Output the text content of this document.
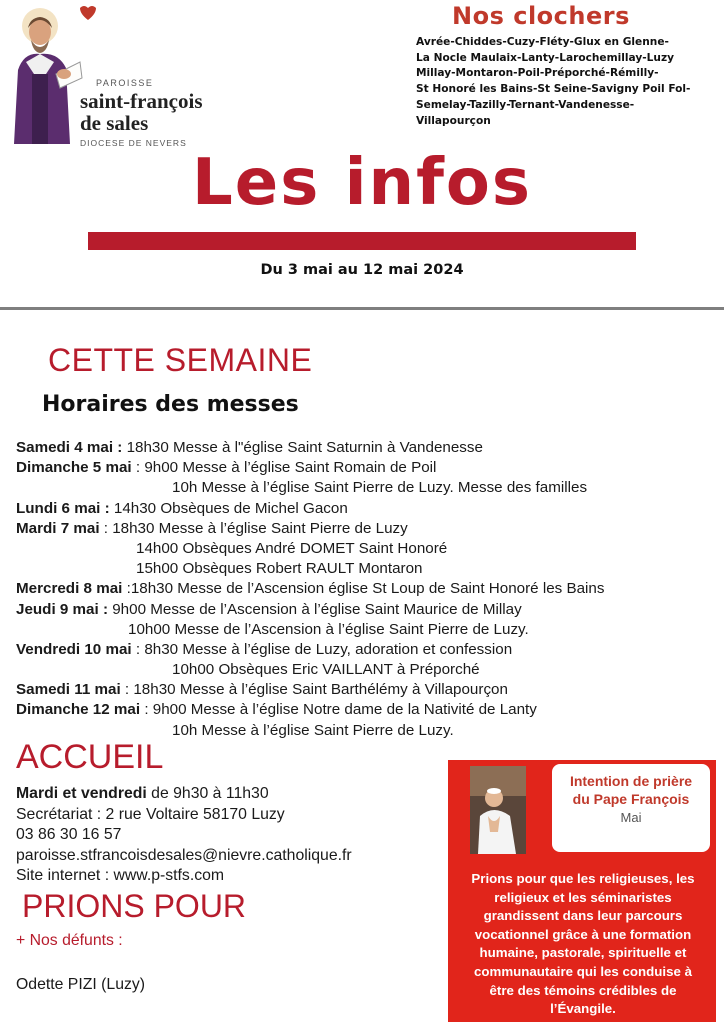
PAROISSE
saint-françois
de sales
DIOCESE DE NEVERS
Nos clochers
Avrée-Chiddes-Cuzy-Fléty-Glux en Glenne-
La Nocle Maulaix-Lanty-Larochemillay-Luzy
Millay-Montaron-Poil-Préporché-Rémilly-
St Honoré les Bains-St Seine-Savigny Poil Fol-
Semelay-Tazilly-Ternant-Vandenesse-
Villapourçon
Les infos
Du 3 mai au 12 mai 2024
CETTE SEMAINE
Horaires des messes
Samedi 4 mai : 18h30 Messe à l"église Saint Saturnin à Vandenesse
Dimanche 5 mai : 9h00 Messe à l’église Saint Romain de Poil
10h Messe à l’église Saint Pierre de Luzy. Messe des familles
Lundi 6 mai : 14h30 Obsèques de Michel Gacon
Mardi 7 mai : 18h30 Messe à l’église Saint Pierre de Luzy
14h00 Obsèques André DOMET Saint Honoré
15h00 Obsèques Robert RAULT Montaron
Mercredi 8 mai :18h30 Messe de l’Ascension église St Loup de Saint Honoré les Bains
Jeudi 9 mai : 9h00 Messe de l’Ascension à l’église Saint Maurice de Millay
10h00 Messe de l’Ascension à l’église Saint Pierre de Luzy.
Vendredi 10 mai : 8h30 Messe à l’église de Luzy, adoration et confession
10h00 Obsèques Eric VAILLANT à Préporché
Samedi 11 mai : 18h30 Messe à l’église Saint Barthélémy à Villapourçon
Dimanche 12 mai : 9h00 Messe à l’église Notre dame de la Nativité de Lanty
10h Messe à l’église Saint Pierre de Luzy.
ACCUEIL
Mardi et vendredi de 9h30 à 11h30
Secrétariat : 2 rue Voltaire 58170 Luzy
03 86 30 16 57
paroisse.stfrancoisdesales@nievre.catholique.fr
Site internet : www.p-stfs.com
PRIONS POUR
+ Nos défunts :
Odette PIZI (Luzy)
Intention de prière
du Pape François
Mai
Prions pour que les religieuses, les
religieux et les séminaristes
grandissent dans leur parcours
vocationnel grâce à une formation
humaine, pastorale, spirituelle et
communautaire qui les conduise à
être des témoins crédibles de
l’Évangile.
